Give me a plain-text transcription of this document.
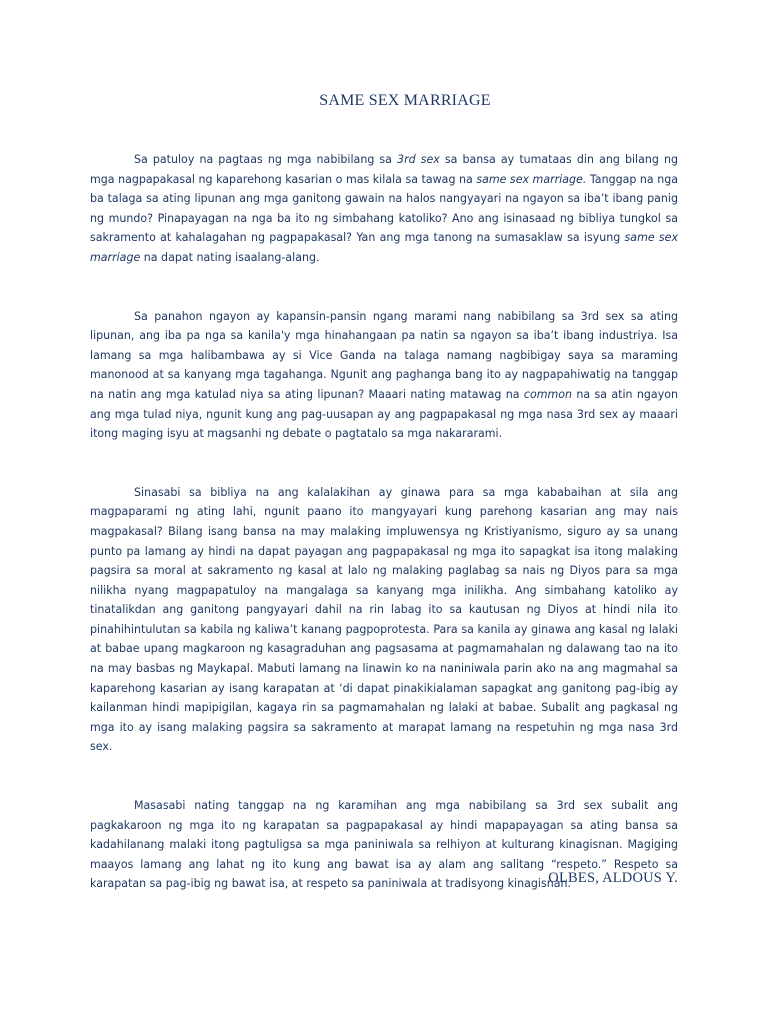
SAME SEX MARRIAGE

Sa patuloy na pagtaas ng mga nabibilang sa 3rd sex sa bansa ay tumataas din ang bilang ng mga nagpapakasal ng kaparehong kasarian o mas kilala sa tawag na same sex marriage. Tanggap na nga ba talaga sa ating lipunan ang mga ganitong gawain na halos nangyayari na ngayon sa iba’t ibang panig ng mundo? Pinapayagan na nga ba ito ng simbahang katoliko? Ano ang isinasaad ng bibliya tungkol sa sakramento at kahalagahan ng pagpapakasal? Yan ang mga tanong na sumasaklaw sa isyung same sex marriage na dapat nating isaalang-alang.

Sa panahon ngayon ay kapansin-pansin ngang marami nang nabibilang sa 3rd sex sa ating lipunan, ang iba pa nga sa kanila'y mga hinahangaan pa natin sa ngayon sa iba’t ibang industriya. Isa lamang sa mga halibambawa ay si Vice Ganda na talaga namang nagbibigay saya sa maraming manonood at sa kanyang mga tagahanga. Ngunit ang paghanga bang ito ay nagpapahiwatig na tanggap na natin ang mga katulad niya sa ating lipunan? Maaari nating matawag na common na sa atin ngayon ang mga tulad niya, ngunit kung ang pag-uusapan ay ang pagpapakasal ng mga nasa 3rd sex ay maaari itong maging isyu at magsanhi ng debate o pagtatalo sa mga nakararami.

Sinasabi sa bibliya na ang kalalakihan ay ginawa para sa mga kababaihan at sila ang magpaparami ng ating lahi, ngunit paano ito mangyayari kung parehong kasarian ang may nais magpakasal? Bilang isang bansa na may malaking impluwensya ng Kristiyanismo, siguro ay sa unang punto pa lamang ay hindi na dapat payagan ang pagpapakasal ng mga ito sapagkat isa itong malaking pagsira sa moral at sakramento ng kasal at lalo ng malaking paglabag sa nais ng Diyos para sa mga nilikha nyang magpapatuloy na mangalaga sa kanyang mga inilikha. Ang simbahang katoliko ay tinatalikdan ang ganitong pangyayari dahil na rin labag ito sa kautusan ng Diyos at hindi nila ito pinahihintulutan sa kabila ng kaliwa’t kanang pagpoprotesta. Para sa kanila ay ginawa ang kasal ng lalaki at babae upang magkaroon ng kasagraduhan ang pagsasama at pagmamahalan ng dalawang tao na ito na may basbas ng Maykapal. Mabuti lamang na linawin ko na naniniwala parin ako na ang magmahal sa kaparehong kasarian ay isang karapatan at ‘di dapat pinakikialaman sapagkat ang ganitong pag-ibig ay kailanman hindi mapipigilan, kagaya rin sa pagmamahalan ng lalaki at babae. Subalit ang pagkasal ng mga ito ay isang malaking pagsira sa sakramento at marapat lamang na respetuhin ng mga nasa 3rd sex.

Masasabi nating tanggap na ng karamihan ang mga nabibilang sa 3rd sex subalit ang pagkakaroon ng mga ito ng karapatan sa pagpapakasal ay hindi mapapayagan sa ating bansa sa kadahilanang malaki itong pagtuligsa sa mga paniniwala sa relhiyon at kulturang kinagisnan. Magiging maayos lamang ang lahat ng ito kung ang bawat isa ay alam ang salitang “respeto.” Respeto sa karapatan sa pag-ibig ng bawat isa, at respeto sa paniniwala at tradisyong kinagisnan.

OLBES, ALDOUS Y.
